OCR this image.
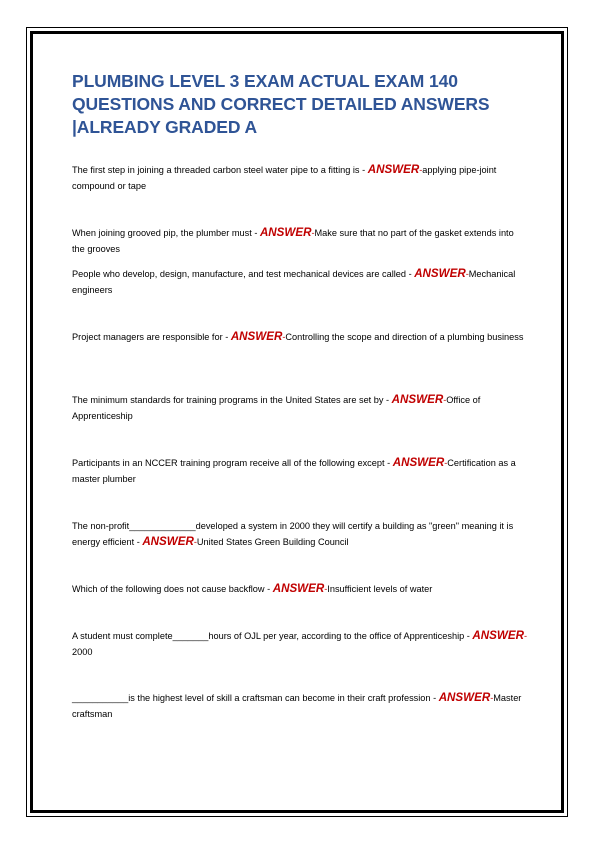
PLUMBING LEVEL 3 EXAM ACTUAL EXAM 140 QUESTIONS AND CORRECT DETAILED ANSWERS |ALREADY GRADED A

The first step in joining a threaded carbon steel water pipe to a fitting is - ANSWER-applying pipe-joint compound or tape

When joining grooved pip, the plumber must - ANSWER-Make sure that no part of the gasket extends into the grooves

People who develop, design, manufacture, and test mechanical devices are called - ANSWER-Mechanical engineers

Project managers are responsible for - ANSWER-Controlling the scope and direction of a plumbing business

The minimum standards for training programs in the United States are set by - ANSWER-Office of Apprenticeship

Participants in an NCCER training program receive all of the following except - ANSWER-Certification as a master plumber

The non-profit_____________developed a system in 2000 they will certify a building as "green" meaning it is energy efficient - ANSWER-United States Green Building Council

Which of the following does not cause backflow - ANSWER-Insufficient levels of water

A student must complete_______hours of OJL per year, according to the office of Apprenticeship - ANSWER-2000

___________is the highest level of skill a craftsman can become in their craft profession - ANSWER-Master craftsman
